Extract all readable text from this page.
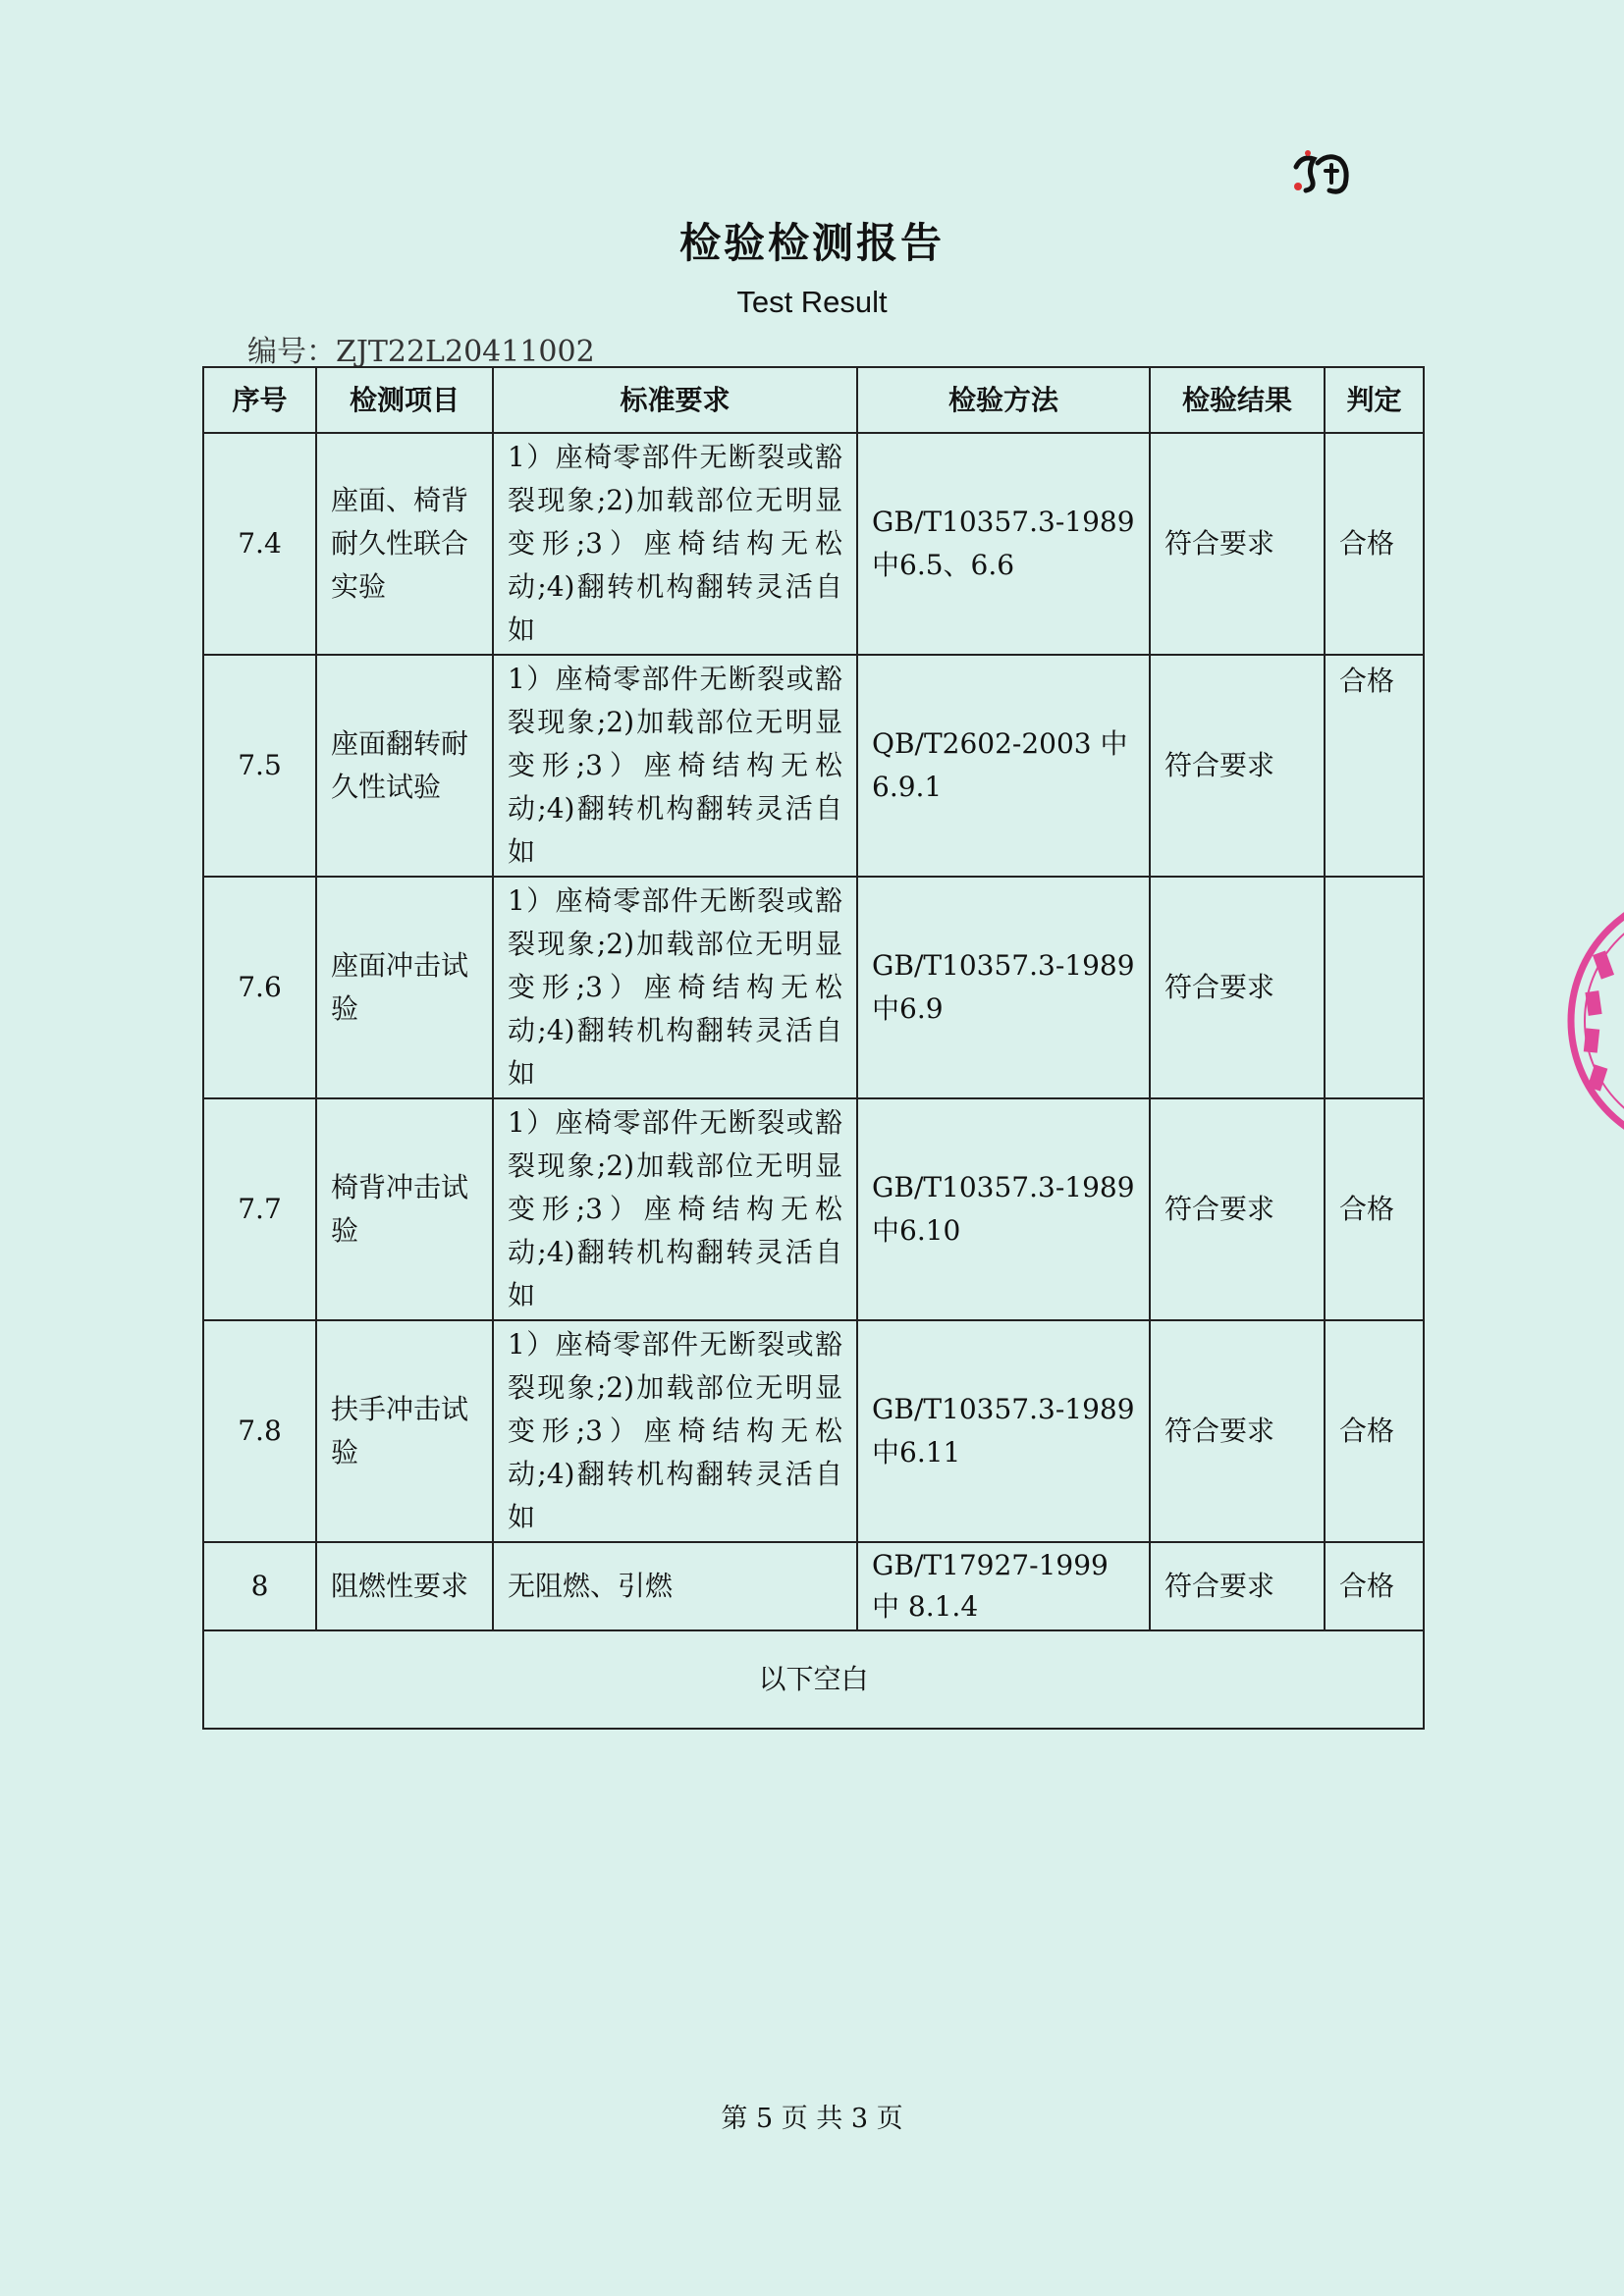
检验检测报告
Test Result
编号：ZJT22L20411002
序号	检测项目	标准要求	检验方法	检验结果	判定
7.4	座面、椅背耐久性联合实验	1）座椅零部件无断裂或豁裂现象;2)加载部位无明显变形;3）座椅结构无松动;4)翻转机构翻转灵活自如	GB/T10357.3-1989中6.5、6.6	符合要求	合格
7.5	座面翻转耐久性试验	1）座椅零部件无断裂或豁裂现象;2)加载部位无明显变形;3）座椅结构无松动;4)翻转机构翻转灵活自如	QB/T2602-2003 中 6.9.1	符合要求	合格
7.6	座面冲击试验	1）座椅零部件无断裂或豁裂现象;2)加载部位无明显变形;3）座椅结构无松动;4)翻转机构翻转灵活自如	GB/T10357.3-1989中6.9	符合要求	
7.7	椅背冲击试验	1）座椅零部件无断裂或豁裂现象;2)加载部位无明显变形;3）座椅结构无松动;4)翻转机构翻转灵活自如	GB/T10357.3-1989中6.10	符合要求	合格
7.8	扶手冲击试验	1）座椅零部件无断裂或豁裂现象;2)加载部位无明显变形;3）座椅结构无松动;4)翻转机构翻转灵活自如	GB/T10357.3-1989中6.11	符合要求	合格
8	阻燃性要求	无阻燃、引燃	GB/T17927-1999 中 8.1.4	符合要求	合格
以下空白					
第 5 页 共 3 页
